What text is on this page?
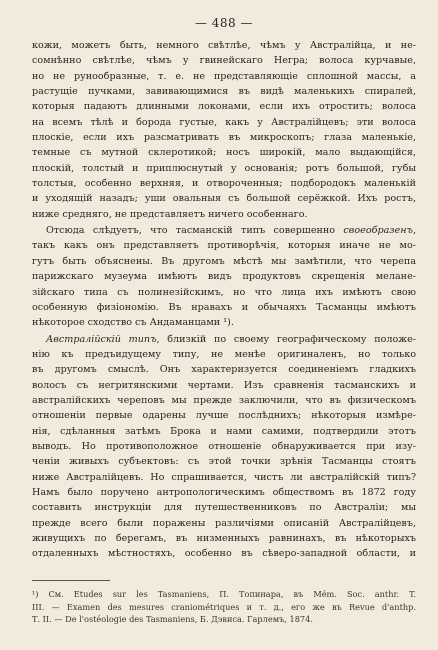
— 488 —

кожи, можетъ быть, немного свѣтлѣе, чѣмъ у Австралійца, и не-
сомнѣнно свѣтлѣе, чѣмъ у гвинейскаго Негра; волоса курчавые,
но не рунообразные, т. е. не представляющіе сплошной массы, а
растущіе пучками, завивающимися въ видѣ маленькихъ спиралей,
которыя падаютъ длинными локонами, если ихъ отростить; волоса
на всемъ тѣлѣ и борода густые, какъ у Австралійцевъ; эти волоса
плоскіе, если ихъ разсматривать въ микроскопъ; глаза маленькіе,
темные съ мутной склеротикой; носъ широкій, мало выдающійся,
плоскій, толстый и приплюснутый у основанія; ротъ большой, губы
толстыя, особенно верхняя, и отвороченныя; подбородокъ маленькій
и уходящій назадъ; уши овальныя съ большой серёжкой. Ихъ ростъ,
ниже средняго, не представляетъ ничего особеннаго.

Отсюда слѣдуетъ, что тасманскій типъ совершенно своеобразенъ,
такъ какъ онъ представляетъ противорѣчія, которыя иначе не мо-
гутъ быть объяснены. Въ другомъ мѣстѣ мы замѣтили, что черепа
парижскаго музеума имѣютъ видъ продуктовъ скрещенія мелане-
зійскаго типа съ полинезійскимъ, но что лица ихъ имѣютъ свою
особенную физіономію. Въ нравахъ и обычаяхъ Тасманцы имѣютъ
нѣкоторое сходство съ Андаманцами ¹).

Австралійскій типъ, близкій по своему географическому положе-
нію къ предъидущему типу, не менѣе оригиналенъ, но только
въ другомъ смыслѣ. Онъ характеризуется соединеніемъ гладкихъ
волосъ съ негритянскими чертами. Изъ сравненія тасманскихъ и
австралійскихъ череповъ мы прежде заключили, что въ физическомъ
отношеніи первые одарены лучше послѣднихъ; нѣкоторыя измѣре-
нія, сдѣланныя затѣмъ Брока и нами самими, подтвердили этотъ
выводъ. Но противоположное отношеніе обнаруживается при изу-
ченіи живыхъ субъектовъ: съ этой точки зрѣнія Тасманцы стоятъ
ниже Австралійцевъ. Но спрашивается, чистъ ли австралійскій типъ?
Намъ было поручено антропологическимъ обществомъ въ 1872 году
составить инструкціи для путешественниковъ по Австраліи; мы
прежде всего были поражены различіями описаній Австралійцевъ,
живущихъ по берегамъ, въ низменныхъ равнинахъ, въ нѣкоторыхъ
отдаленныхъ мѣстностяхъ, особенно въ сѣверо-западной области, и

¹) См. Etudes sur les Tasmaniens, П. Топинара, въ Mém. Soc. anthr. T.
III. — Examen des mesures craniométriques и т. д., его же въ Revue d'anthр.
Т. II. — De l'ostéologie des Tasmaniens, Б. Дэвиса. Гарлемъ, 1874.
